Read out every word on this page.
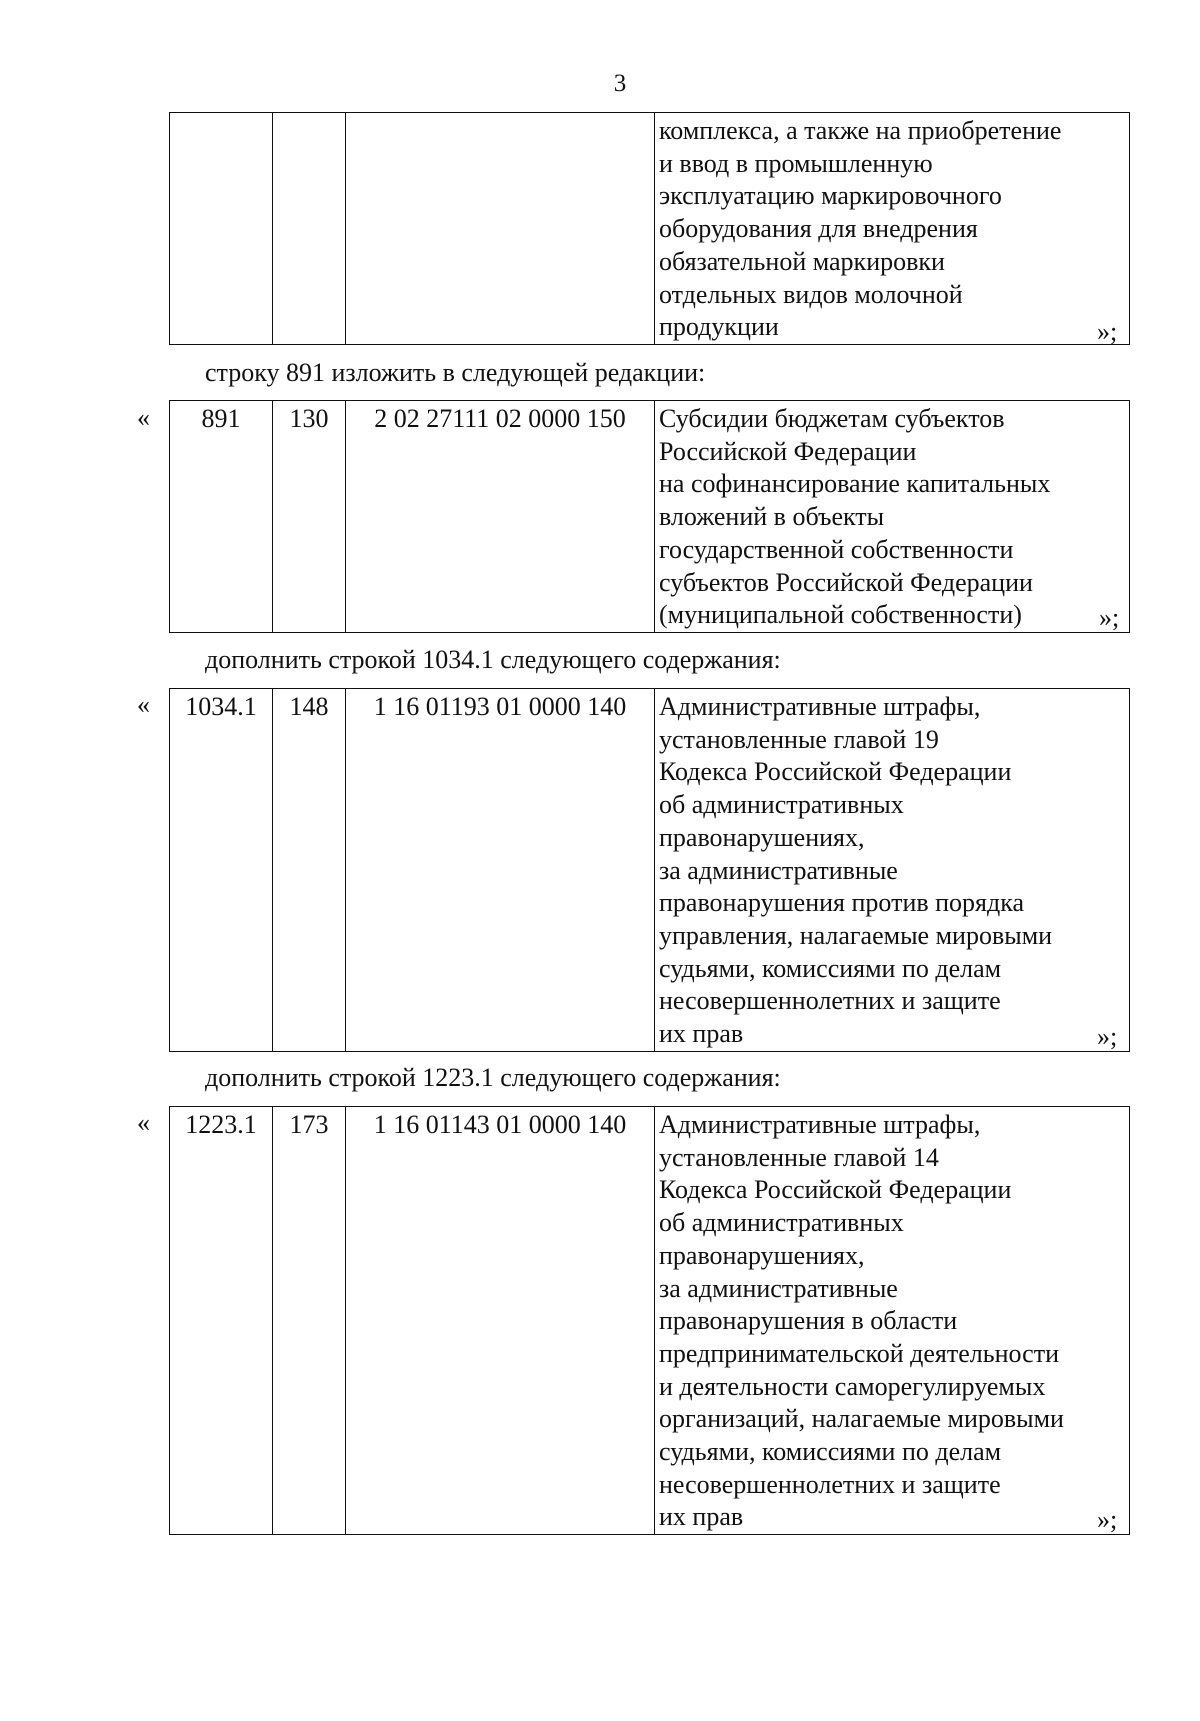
3

комплекса, а также на приобретение
и ввод в промышленную
эксплуатацию маркировочного
оборудования для внедрения
обязательной маркировки
отдельных видов молочной
продукции	»;
строку 891 изложить в следующей редакции:
« 891	130	2 02 27111 02 0000 150	Субсидии бюджетам субъектов
Российской Федерации
на софинансирование капитальных
вложений в объекты
государственной собственности
субъектов Российской Федерации
(муниципальной собственности)	»;
дополнить строкой 1034.1 следующего содержания:
« 1034.1	148	1 16 01193 01 0000 140	Административные штрафы,
установленные главой 19
Кодекса Российской Федерации
об административных
правонарушениях,
за административные
правонарушения против порядка
управления, налагаемые мировыми
судьями, комиссиями по делам
несовершеннолетних и защите
их прав	»;
дополнить строкой 1223.1 следующего содержания:
« 1223.1	173	1 16 01143 01 0000 140	Административные штрафы,
установленные главой 14
Кодекса Российской Федерации
об административных
правонарушениях,
за административные
правонарушения в области
предпринимательской деятельности
и деятельности саморегулируемых
организаций, налагаемые мировыми
судьями, комиссиями по делам
несовершеннолетних и защите
их прав	»;
